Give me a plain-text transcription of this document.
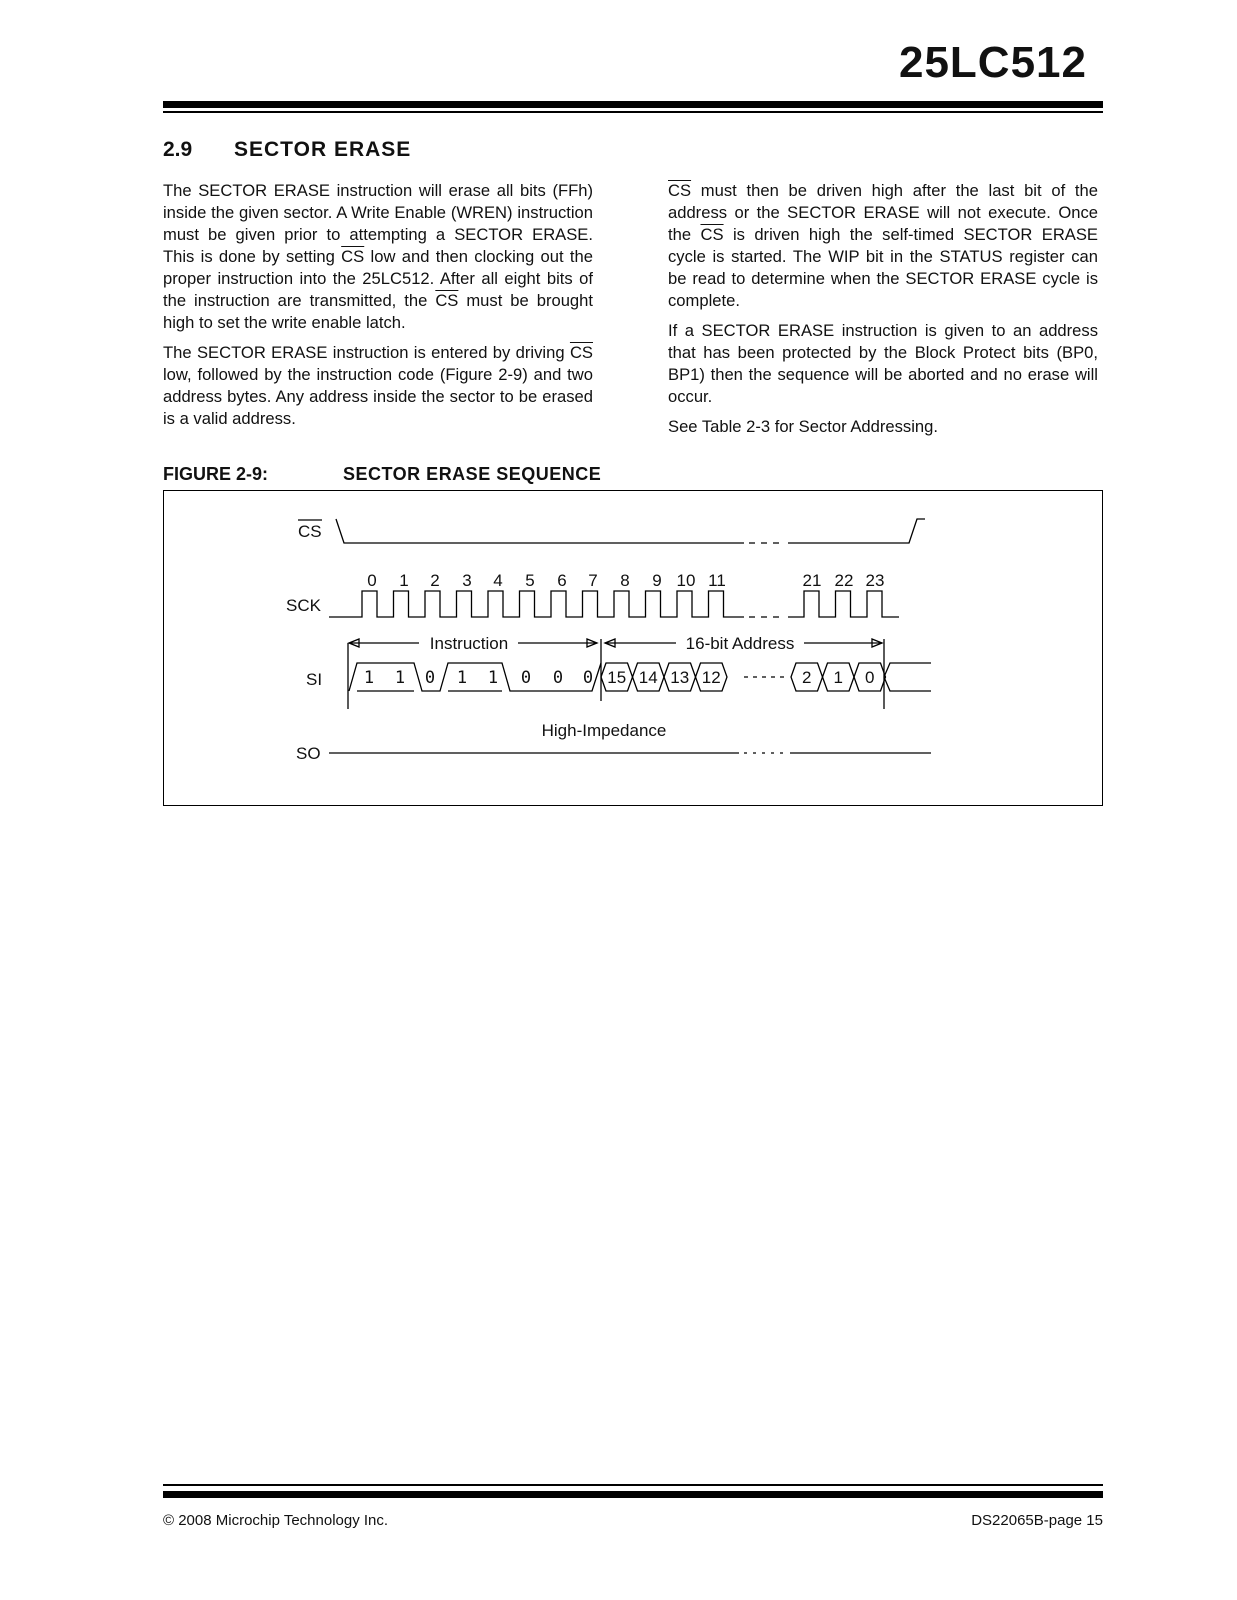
25LC512
2.9 SECTOR ERASE

The SECTOR ERASE instruction will erase all bits (FFh) inside the given sector. A Write Enable (WREN) instruction must be given prior to attempting a SECTOR ERASE. This is done by setting $\overline{CS}$ low and then clocking out the proper instruction into the 25LC512. After all eight bits of the instruction are transmitted, the $\overline{CS}$ must be brought high to set the write enable latch.

The SECTOR ERASE instruction is entered by driving $\overline{CS}$ low, followed by the instruction code (Figure 2-9) and two address bytes. Any address inside the sector to be erased is a valid address.

$\overline{CS}$ must then be driven high after the last bit of the address or the SECTOR ERASE will not execute. Once the $\overline{CS}$ is driven high the self-timed SECTOR ERASE cycle is started. The WIP bit in the STATUS register can be read to determine when the SECTOR ERASE cycle is complete.

If a SECTOR ERASE instruction is given to an address that has been protected by the Block Protect bits (BP0, BP1) then the sequence will be aborted and no erase will occur.

See Table 2-3 for Sector Addressing.

FIGURE 2-9:	SECTOR ERASE SEQUENCE
CS
SCK
SI
SO
0 1 2 3 4 5 6 7 8 9 10 11	21 22 23
Instruction	16-bit Address
1 1 0 1 1 0 0 0 15 14 13 12	2 1 0
High-Impedance
© 2008 Microchip Technology Inc.	DS22065B-page 15
